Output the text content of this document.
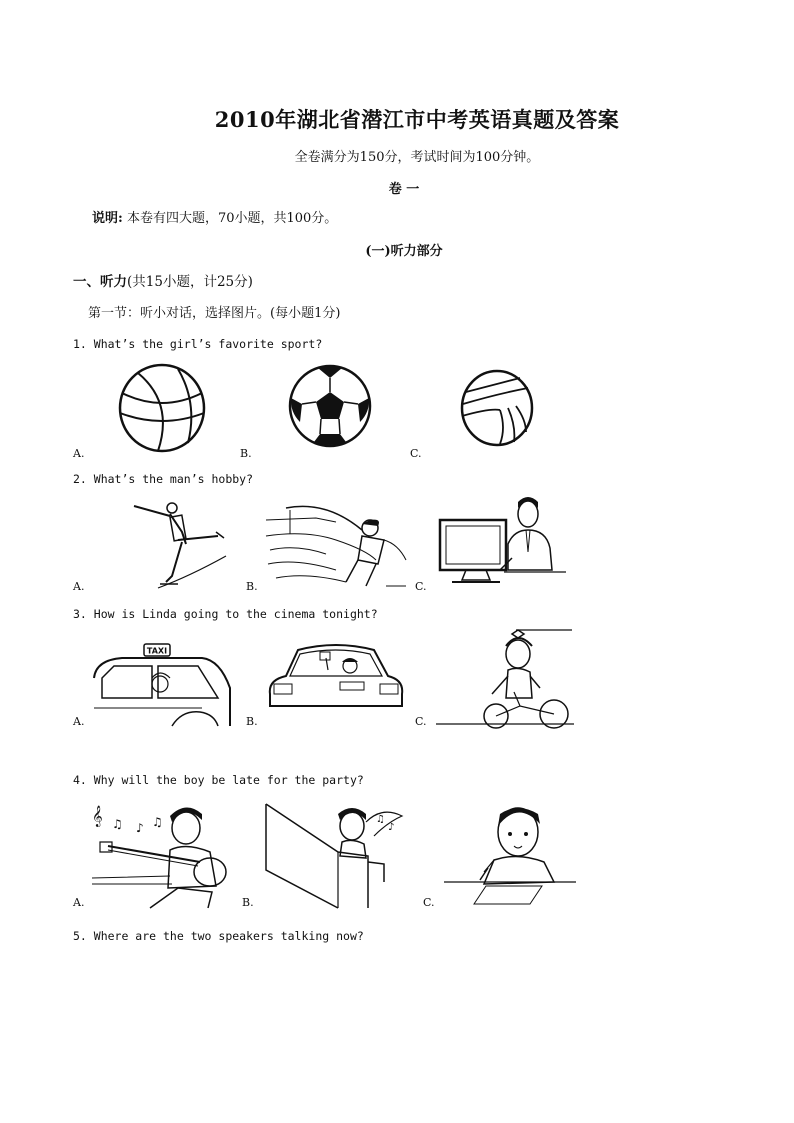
2010年湖北省潜江市中考英语真题及答案
全卷满分为150分，考试时间为100分钟。
卷 一
说明: 本卷有四大题，70小题，共100分。
(一)听力部分
一、听力(共15小题，计25分)
第一节：听小对话，选择图片。(每小题1分)
1. What’s the girl’s favorite sport?
A.	B.	C.
2. What’s the man’s hobby?
A.	B.	C.
3. How is Linda going to the cinema tonight?
A.	B.	C.
TAXI
4. Why will the boy be late for the party?
A.	B.	C.
𝄞 ♫ ♪ ♫	♫
♪
5. Where are the two speakers talking now?
